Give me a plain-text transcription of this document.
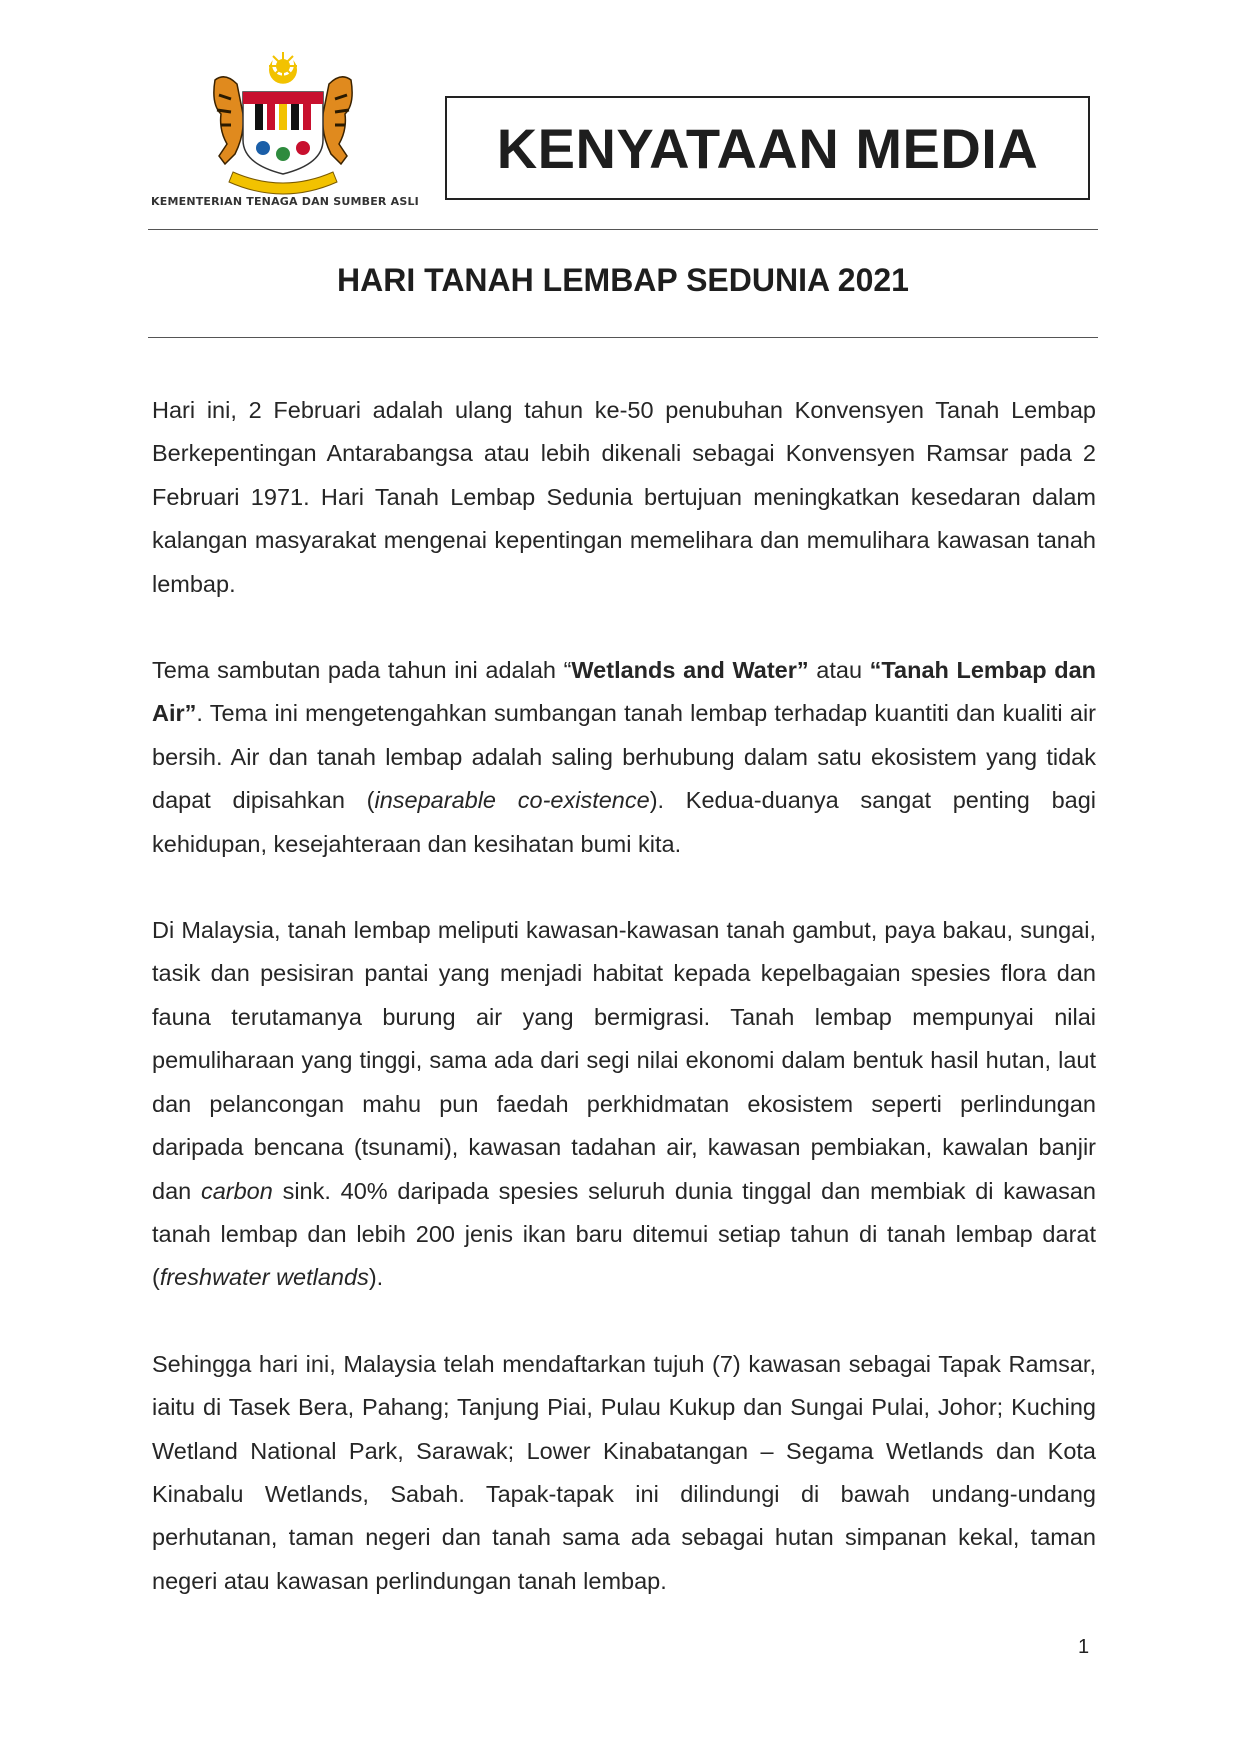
KEMENTERIAN TENAGA DAN SUMBER ASLI
KENYATAAN MEDIA
HARI TANAH LEMBAP SEDUNIA 2021

Hari ini, 2 Februari adalah ulang tahun ke-50 penubuhan Konvensyen Tanah Lembap Berkepentingan Antarabangsa atau lebih dikenali sebagai Konvensyen Ramsar pada 2 Februari 1971. Hari Tanah Lembap Sedunia bertujuan meningkatkan kesedaran dalam kalangan masyarakat mengenai kepentingan memelihara dan memulihara kawasan tanah lembap.

Tema sambutan pada tahun ini adalah “Wetlands and Water” atau “Tanah Lembap dan Air”. Tema ini mengetengahkan sumbangan tanah lembap terhadap kuantiti dan kualiti air bersih. Air dan tanah lembap adalah saling berhubung dalam satu ekosistem yang tidak dapat dipisahkan (inseparable co-existence). Kedua-duanya sangat penting bagi kehidupan, kesejahteraan dan kesihatan bumi kita.

Di Malaysia, tanah lembap meliputi kawasan-kawasan tanah gambut, paya bakau, sungai, tasik dan pesisiran pantai yang menjadi habitat kepada kepelbagaian spesies flora dan fauna terutamanya burung air yang bermigrasi. Tanah lembap mempunyai nilai pemuliharaan yang tinggi, sama ada dari segi nilai ekonomi dalam bentuk hasil hutan, laut dan pelancongan mahu pun faedah perkhidmatan ekosistem seperti perlindungan daripada bencana (tsunami), kawasan tadahan air, kawasan pembiakan, kawalan banjir dan carbon sink. 40% daripada spesies seluruh dunia tinggal dan membiak di kawasan tanah lembap dan lebih 200 jenis ikan baru ditemui setiap tahun di tanah lembap darat (freshwater wetlands).

Sehingga hari ini, Malaysia telah mendaftarkan tujuh (7) kawasan sebagai Tapak Ramsar, iaitu di Tasek Bera, Pahang; Tanjung Piai, Pulau Kukup dan Sungai Pulai, Johor; Kuching Wetland National Park, Sarawak; Lower Kinabatangan – Segama Wetlands dan Kota Kinabalu Wetlands, Sabah. Tapak-tapak ini dilindungi di bawah undang-undang perhutanan, taman negeri dan tanah sama ada sebagai hutan simpanan kekal, taman negeri atau kawasan perlindungan tanah lembap.

1
